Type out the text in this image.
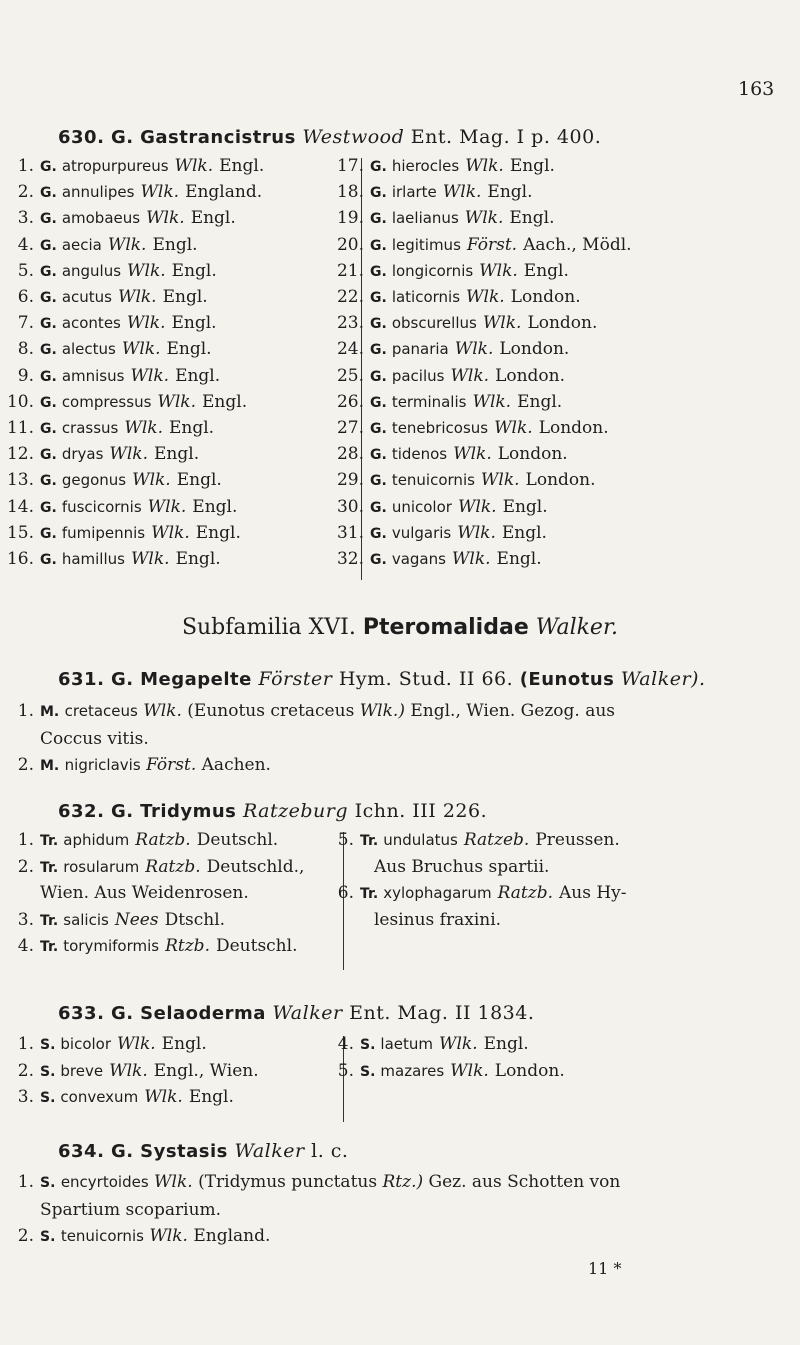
163
630. G. Gastrancistrus Westwood Ent. Mag. I p. 400.
1. G. atropurpureus Wlk. Engl.
2. G. annulipes Wlk. England.
3. G. amobaeus Wlk. Engl.
4. G. aecia Wlk. Engl.
5. G. angulus Wlk. Engl.
6. G. acutus Wlk. Engl.
7. G. acontes Wlk. Engl.
8. G. alectus Wlk. Engl.
9. G. amnisus Wlk. Engl.
10. G. compressus Wlk. Engl.
11. G. crassus Wlk. Engl.
12. G. dryas Wlk. Engl.
13. G. gegonus Wlk. Engl.
14. G. fuscicornis Wlk. Engl.
15. G. fumipennis Wlk. Engl.
16. G. hamillus Wlk. Engl.
17. G. hierocles Wlk. Engl.
18. G. irlarte Wlk. Engl.
19. G. laelianus Wlk. Engl.
20. G. legitimus Först. Aach., Mödl.
21. G. longicornis Wlk. Engl.
22. G. laticornis Wlk. London.
23. G. obscurellus Wlk. London.
24. G. panaria Wlk. London.
25. G. pacilus Wlk. London.
26. G. terminalis Wlk. Engl.
27. G. tenebricosus Wlk. London.
28. G. tidenos Wlk. London.
29. G. tenuicornis Wlk. London.
30. G. unicolor Wlk. Engl.
31. G. vulgaris Wlk. Engl.
32. G. vagans Wlk. Engl.
Subfamilia XVI. Pteromalidae Walker.
631. G. Megapelte Förster Hym. Stud. II 66. (Eunotus Walker).
1. M. cretaceus Wlk. (Eunotus cretaceus Wlk.) Engl., Wien. Gezog. aus
Coccus vitis.
2. M. nigriclavis Först. Aachen.
632. G. Tridymus Ratzeburg Ichn. III 226.
1. Tr. aphidum Ratzb. Deutschl.
2. Tr. rosularum Ratzb. Deutschld.,
Wien. Aus Weidenrosen.
3. Tr. salicis Nees Dtschl.
4. Tr. torymiformis Rtzb. Deutschl.
5. Tr. undulatus Ratzeb. Preussen.
Aus Bruchus spartii.
6. Tr. xylophagarum Ratzb. Aus Hy-
lesinus fraxini.
633. G. Selaoderma Walker Ent. Mag. II 1834.
1. S. bicolor Wlk. Engl.
2. S. breve Wlk. Engl., Wien.
3. S. convexum Wlk. Engl.
4. S. laetum Wlk. Engl.
5. S. mazares Wlk. London.
634. G. Systasis Walker l. c.
1. S. encyrtoides Wlk. (Tridymus punctatus Rtz.) Gez. aus Schotten von
Spartium scoparium.
2. S. tenuicornis Wlk. England.
11 *
